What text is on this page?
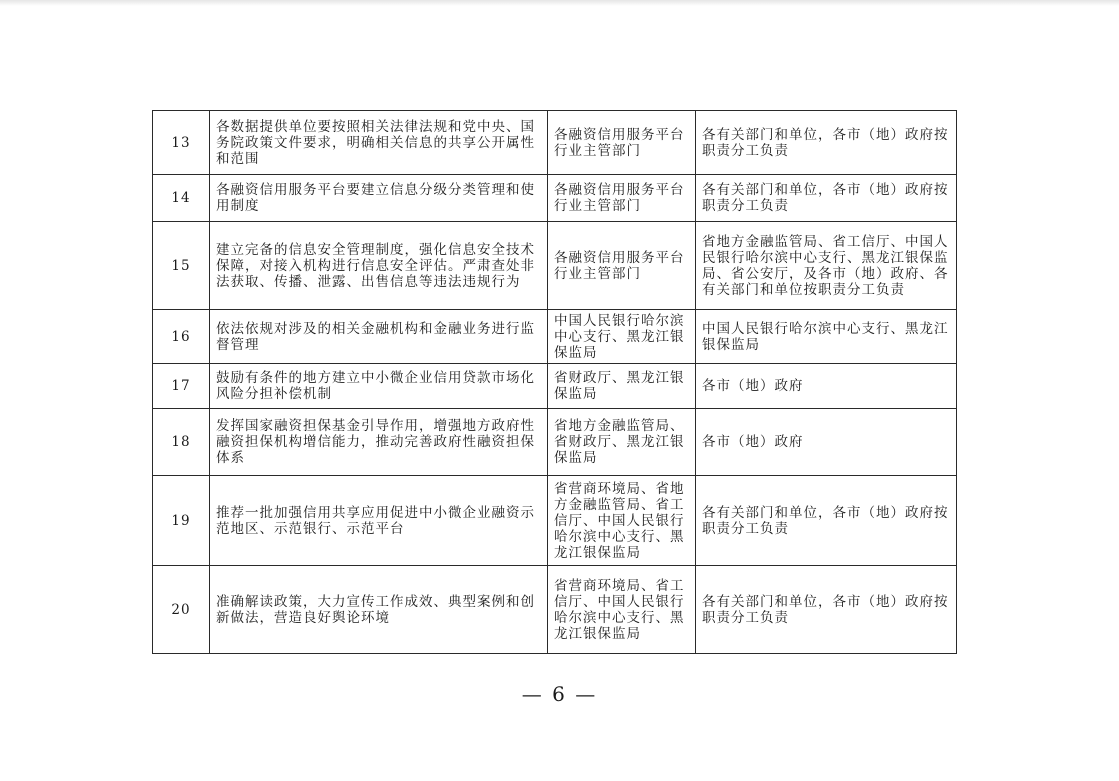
13	各数据提供单位要按照相关法律法规和党中央、国务院政策文件要求，明确相关信息的共享公开属性和范围	各融资信用服务平台行业主管部门	各有关部门和单位，各市（地）政府按职责分工负责
14	各融资信用服务平台要建立信息分级分类管理和使用制度	各融资信用服务平台行业主管部门	各有关部门和单位，各市（地）政府按职责分工负责
15	建立完备的信息安全管理制度，强化信息安全技术保障，对接入机构进行信息安全评估。严肃查处非法获取、传播、泄露、出售信息等违法违规行为	各融资信用服务平台行业主管部门	省地方金融监管局、省工信厅、中国人民银行哈尔滨中心支行、黑龙江银保监局、省公安厅，及各市（地）政府、各有关部门和单位按职责分工负责
16	依法依规对涉及的相关金融机构和金融业务进行监督管理	中国人民银行哈尔滨中心支行、黑龙江银保监局	中国人民银行哈尔滨中心支行、黑龙江银保监局
17	鼓励有条件的地方建立中小微企业信用贷款市场化风险分担补偿机制	省财政厅、黑龙江银保监局	各市（地）政府
18	发挥国家融资担保基金引导作用，增强地方政府性融资担保机构增信能力，推动完善政府性融资担保体系	省地方金融监管局、省财政厅、黑龙江银保监局	各市（地）政府
19	推荐一批加强信用共享应用促进中小微企业融资示范地区、示范银行、示范平台	省营商环境局、省地方金融监管局、省工信厅、中国人民银行哈尔滨中心支行、黑龙江银保监局	各有关部门和单位，各市（地）政府按职责分工负责
20	准确解读政策，大力宣传工作成效、典型案例和创新做法，营造良好舆论环境	省营商环境局、省工信厅、中国人民银行哈尔滨中心支行、黑龙江银保监局	各有关部门和单位，各市（地）政府按职责分工负责
— 6 —
